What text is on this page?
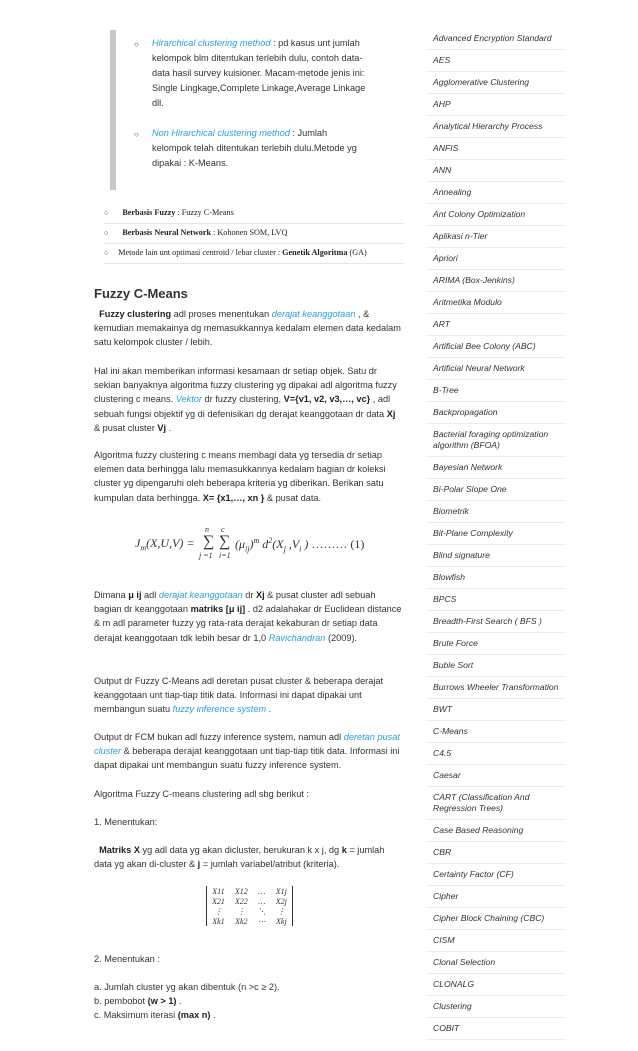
○	Hirarchical clustering method : pd kasus unt jumlah kelompok blm ditentukan terlebih dulu, contoh data-data hasil survey kuisioner. Macam-metode jenis ini: Single Lingkage,Complete Linkage,Average Linkage dll.
○	Non Hirarchical clustering method : Jumlah kelompok telah ditentukan terlebih dulu.Metode yg dipakai : K-Means.
○ Berbasis Fuzzy : Fuzzy C-Means
○ Berbasis Neural Network : Kohonen SOM, LVQ
○ Metode lain unt optimasi centroid / lebar cluster : Genetik Algoritma (GA)
Fuzzy C-Means

Fuzzy clustering adl proses menentukan derajat keanggotaan , & kemudian memakainya dg memasukkannya kedalam elemen data kedalam satu kelompok cluster / lebih.

Hal ini akan memberikan informasi kesamaan dr setiap objek. Satu dr sekian banyaknya algoritma fuzzy clustering yg dipakai adl algoritma fuzzy clustering c means. Vektor dr fuzzy clustering, V={v1, v2, v3,…, vc} , adl sebuah fungsi objektif yg di defenisikan dg derajat keanggotaan dr data Xj & pusat cluster Vj .

Algoritma fuzzy clustering c means membagi data yg tersedia dr setiap elemen data berhingga lalu memasukkannya kedalam bagian dr koleksi cluster yg dipengaruhi oleh beberapa kriteria yg diberikan. Berikan satu kumpulan data berhingga. X= {x1,…, xn } & pusat data.

$J_m(X,U,V)$ =
n
∑
j =1
c
∑
i=1
$(\mu_{ij})^m$ $d^2(X_j$ $,V_i$ ) ……… (1)

Dimana μ ij adl derajat keanggotaan dr Xj & pusat cluster adl sebuah bagian dr keanggotaan matriks [μ ij] . d2 adalahakar dr Euclidean distance & m adl parameter fuzzy yg rata-rata derajat kekaburan dr setiap data derajat keanggotaan tdk lebih besar dr 1,0 Ravichandran (2009).

Output dr Fuzzy C-Means adl deretan pusat cluster & beberapa derajat keanggotaan unt tiap-tiap titik data. Informasi ini dapat dipakai unt membangun suatu fuzzy inference system .

Output dr FCM bukan adl fuzzy inference system, namun adl deretan pusat cluster & beberapa derajat keanggotaan unt tiap-tiap titik data. Informasi ini dapat dipakai unt membangun suatu fuzzy inference system.

Algoritma Fuzzy C-means clustering adl sbg berikut :

1. Menentukan:

Matriks X yg adl data yg akan dicluster, berukuran k x j, dg k = jumlah data yg akan di-cluster & j = jumlah variabel/atribut (kriteria).

X11	X12	…	X1j
X21	X22	…	X2j
⋮	⋮	⋱	⋮
Xk1	Xk2	⋯	Xkj

2. Menentukan :

a. Jumlah cluster yg akan dibentuk (n >c ≥ 2).
b. pembobot (w > 1) .
c. Maksimum iterasi (max n) .

Advanced Encryption Standard
AES
Agglomerative Clustering
AHP
Analytical Hierarchy Process
ANFIS
ANN
Annealing
Ant Colony Optimization
Aplikasi n-Tier
Apriori
ARIMA (Box-Jenkins)
Aritmetika Modulo
ART
Artificial Bee Colony (ABC)
Artificial Neural Network
B-Tree
Backpropagation
Bacterial foraging optimization algorithm (BFOA)
Bayesian Network
Bi-Polar Slope One
Biometrik
Bit-Plane Complexity
Blind signature
Blowfish
BPCS
Breadth-First Search ( BFS )
Brute Force
Buble Sort
Burrows Wheeler Transformation
BWT
C-Means
C4.5
Caesar
CART (Classification And Regression Trees)
Case Based Reasoning
CBR
Certainty Factor (CF)
Cipher
Cipher Block Chaining (CBC)
CISM
Clonal Selection
CLONALG
Clustering
COBIT
